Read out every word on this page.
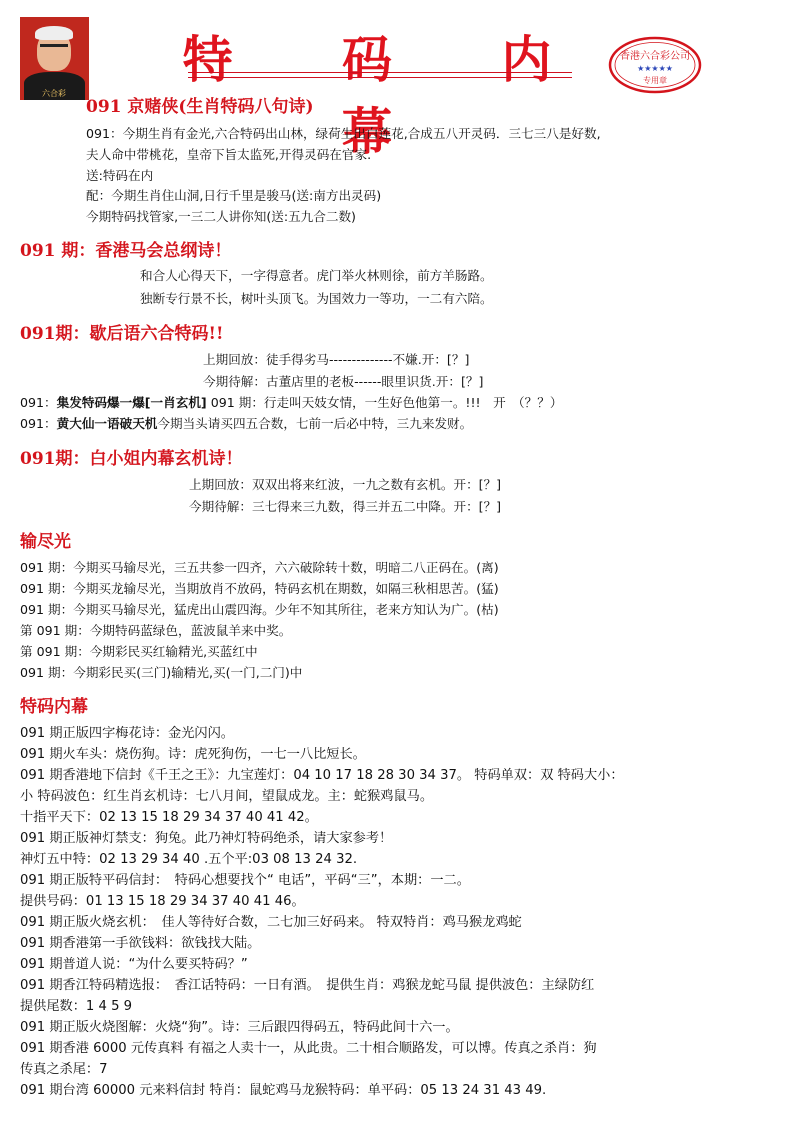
六合彩
特 码 内 幕
香港六合彩公司
★★★★★
专用章
091 京赌侠(生肖特码八句诗)

091：今期生肖有金光,六合特码出山林，绿荷生出白莲花,合成五八开灵码．三七三八是好数,

夫人命中带桃花，皇帝下旨太监死,开得灵码在官家.

送:特码在内

配：今期生肖住山洞,日行千里是骏马(送:南方出灵码)

今期特码找管家,一三二人讲你知(送:五九合二数)

091 期：香港马会总纲诗！

和合人心得天下，一字得意者。虎门举火林则徐，前方羊肠路。

独断专行景不长，树叶头顶飞。为国效力一等功，一二有六陪。

091期：歇后语六合特码!!

上期回放：徒手得劣马--------------不嫌.开：[？]

今期待解：古董店里的老板------眼里识货.开：[？]

091：集发特码爆一爆[一肖玄机] 091 期：行走叫天妓女情，一生好色他第一。!!!　开　（？？）

091：黄大仙一语破天机今期当头请买四五合数，七前一后必中特，三九来发财。

091期：白小姐内幕玄机诗！

上期回放：双双出将来红波，一九之数有玄机。开：[？]

今期待解：三七得来三九数，得三并五二中降。开：[？]

输尽光

091 期：今期买马输尽光，三五共参一四齐，六六破除转十数，明暗二八正码在。(离)

091 期：今期买龙输尽光，当期放肖不放码，特码玄机在期数，如隔三秋相思苦。(猛)

091 期：今期买马输尽光，猛虎出山震四海。少年不知其所往，老来方知认为广。(枯)

第 091 期：今期特码蓝绿色，蓝波鼠羊来中奖。

第 091 期：今期彩民买红输精光,买蓝红中

091 期：今期彩民买(三门)输精光,买(一门,二门)中

特码内幕

091 期正版四字梅花诗：金光闪闪。

091 期火车头：烧伤狗。诗：虎死狗伤，一七一八比短长。

091 期香港地下信封《千王之王》：九宝莲灯：04 10 17 18 28 30 34 37。 特码单双：双 特码大小：

小 特码波色：红生肖玄机诗：七八月间，望鼠成龙。主：蛇猴鸡鼠马。

十指平天下：02 13 15 18 29 34 37 40 41 42。

091 期正版神灯禁支：狗兔。此乃神灯特码绝杀，请大家参考！

神灯五中特：02 13 29 34 40 .五个平:03 08 13 24 32.

091 期正版特平码信封：　特码心想要找个“ 电话”，平码“三”，本期：一二。

提供号码：01 13 15 18 29 34 37 40 41 46。

091 期正版火烧玄机：　佳人等待好合数，二七加三好码来。 特双特肖：鸡马猴龙鸡蛇

091 期香港第一手欲钱料：欲钱找大陆。

091 期普道人说：“为什么要买特码？”

091 期香江特码精选报：　香江话特码：一日有酒。　提供生肖：鸡猴龙蛇马鼠 提供波色：主绿防红

提供尾数：1 4 5 9

091 期正版火烧图解：火烧“狗”。诗：三后跟四得码五，特码此间十六一。

091 期香港 6000 元传真料 有福之人卖十一，从此贵。二十相合顺路发，可以博。传真之杀肖：狗

传真之杀尾：7

091 期台湾 60000 元来料信封 特肖：鼠蛇鸡马龙猴特码：单平码：05 13 24 31 43 49.
